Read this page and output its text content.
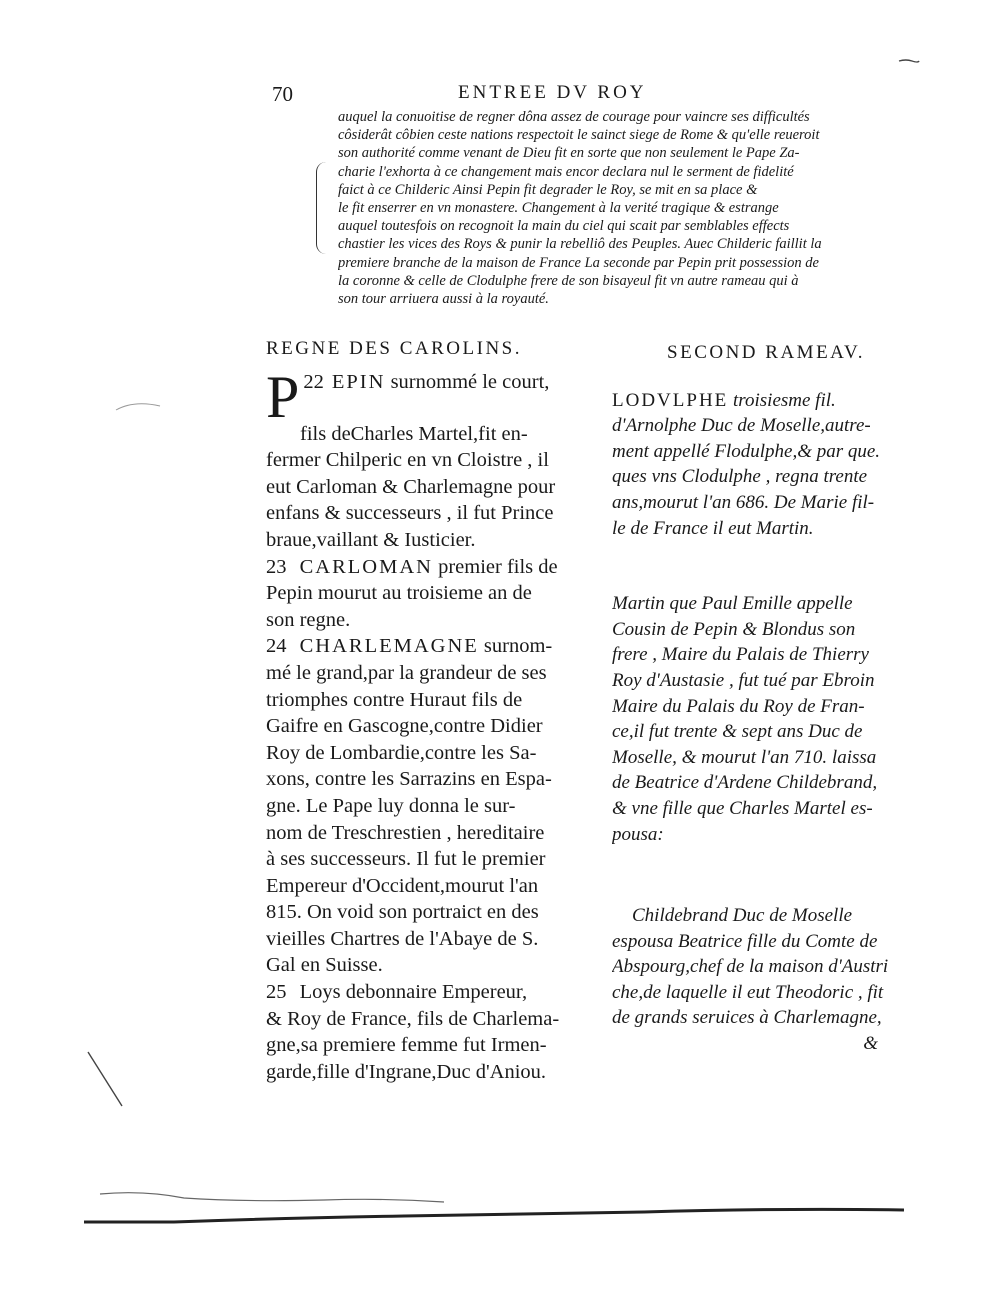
70	ENTREE DV ROY
auquel la conuoitise de regner dôna assez de courage pour vaincre ses difficultés
côsiderât côbien ceste nations respectoit le sainct siege de Rome & qu'elle reueroit
son authorité comme venant de Dieu fit en sorte que non seulement le Pape Za-
charie l'exhorta à ce changement mais encor declara nul le serment de fidelité
faict à ce Childeric Ainsi Pepin fit degrader le Roy, se mit en sa place &
le fit enserrer en vn monastere. Changement à la verité tragique & estrange
auquel toutesfois on recognoit la main du ciel qui scait par semblables effects
chastier les vices des Roys & punir la rebelliô des Peuples. Auec Childeric faillit la
premiere branche de la maison de France La seconde par Pepin prit possession de
la coronne & celle de Clodulphe frere de son bisayeul fit vn autre rameau qui à
son tour arriuera aussi à la royauté.
REGNE DES CAROLINS.
22
P EPIN surnommé le court,
fils deCharles Martel,fit en-
fermer Chilperic en vn Cloistre , il
eut Carloman & Charlemagne pour
enfans & successeurs , il fut Prince
braue,vaillant & Iusticier.
23 CARLOMAN premier fils de
Pepin mourut au troisieme an de
son regne.
24 CHARLEMAGNE surnom-
mé le grand,par la grandeur de ses
triomphes contre Huraut fils de
Gaifre en Gascogne,contre Didier
Roy de Lombardie,contre les Sa-
xons, contre les Sarrazins en Espa-
gne. Le Pape luy donna le sur-
nom de Treschrestien , hereditaire
à ses successeurs. Il fut le premier
Empereur d'Occident,mourut l'an
815. On void son portraict en des
vieilles Chartres de l'Abaye de S.
Gal en Suisse.
25 Loys debonnaire Empereur,
& Roy de France, fils de Charlema-
gne,sa premiere femme fut Irmen-
garde,fille d'Ingrane,Duc d'Aniou.
SECOND RAMEAV.
LODVLPHE troisiesme fil.
d'Arnolphe Duc de Moselle,autre-
ment appellé Flodulphe,& par que.
ques vns Clodulphe , regna trente
ans,mourut l'an 686. De Marie fil-
le de France il eut Martin.
Martin que Paul Emille appelle
Cousin de Pepin & Blondus son
frere , Maire du Palais de Thierry
Roy d'Austasie , fut tué par Ebroin
Maire du Palais du Roy de Fran-
ce,il fut trente & sept ans Duc de
Moselle, & mourut l'an 710. laissa
de Beatrice d'Ardene Childebrand,
& vne fille que Charles Martel es-
pousa:
Childebrand Duc de Moselle
espousa Beatrice fille du Comte de
Abspourg,chef de la maison d'Austri
che,de laquelle il eut Theodoric , fit
de grands seruices à Charlemagne,
&
